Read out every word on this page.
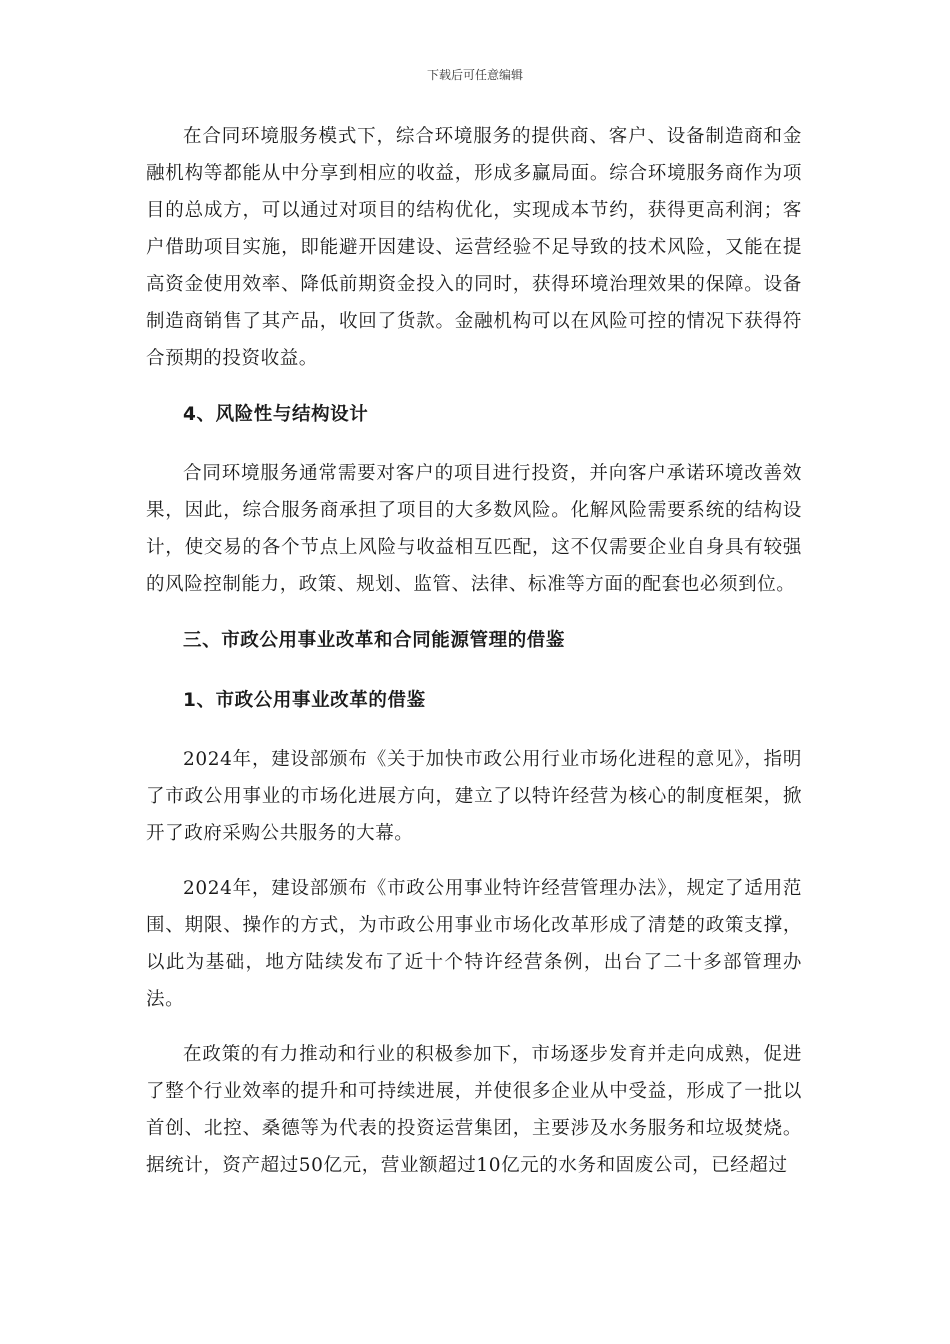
下载后可任意编辑

在合同环境服务模式下，综合环境服务的提供商、客户、设备制造商和金融机构等都能从中分享到相应的收益，形成多赢局面。综合环境服务商作为项目的总成方，可以通过对项目的结构优化，实现成本节约，获得更高利润；客户借助项目实施，即能避开因建设、运营经验不足导致的技术风险，又能在提高资金使用效率、降低前期资金投入的同时，获得环境治理效果的保障。设备制造商销售了其产品，收回了货款。金融机构可以在风险可控的情况下获得符合预期的投资收益。

4、风险性与结构设计

合同环境服务通常需要对客户的项目进行投资，并向客户承诺环境改善效果，因此，综合服务商承担了项目的大多数风险。化解风险需要系统的结构设计，使交易的各个节点上风险与收益相互匹配，这不仅需要企业自身具有较强的风险控制能力，政策、规划、监管、法律、标准等方面的配套也必须到位。

三、市政公用事业改革和合同能源管理的借鉴
1、市政公用事业改革的借鉴

2024年，建设部颁布《关于加快市政公用行业市场化进程的意见》，指明了市政公用事业的市场化进展方向，建立了以特许经营为核心的制度框架，掀开了政府采购公共服务的大幕。

2024年，建设部颁布《市政公用事业特许经营管理办法》，规定了适用范围、期限、操作的方式，为市政公用事业市场化改革形成了清楚的政策支撑，以此为基础，地方陆续发布了近十个特许经营条例，出台了二十多部管理办法。

在政策的有力推动和行业的积极参加下，市场逐步发育并走向成熟，促进了整个行业效率的提升和可持续进展，并使很多企业从中受益，形成了一批以首创、北控、桑德等为代表的投资运营集团，主要涉及水务服务和垃圾焚烧。据统计，资产超过50亿元，营业额超过10亿元的水务和固废公司，已经超过
